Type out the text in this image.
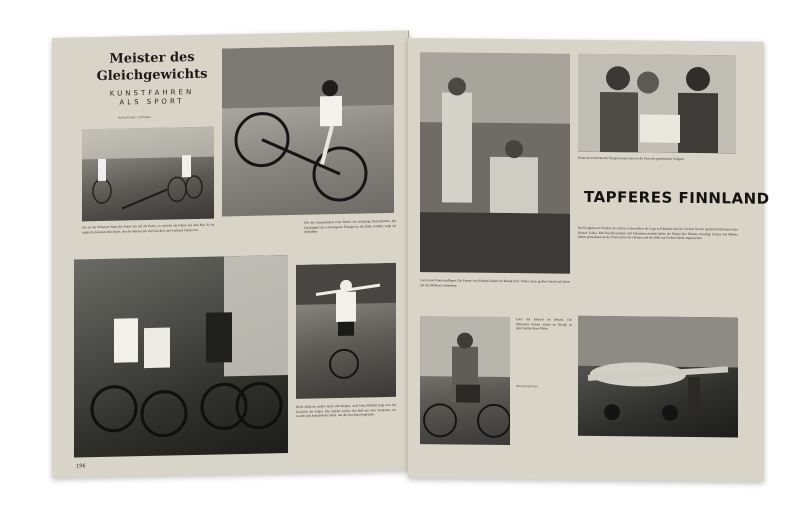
Meister des
Gleichgewichts
KUNSTFAHREN
ALS SPORT
Aufnahmen: Lohmann
Gut ist das Sicherste Wenn die Kunst tritt auf die Kerze, so schwebt der Fahrer auf dem Rad. Es ist zugleich ein kunstvoller Sport, den der Meister mit viel Geschick und Ausdauer beherrscht.
Wie die Gymnastinnen Frau Weber, die vielseitige Kunstfahrerin, mit Leichtigkeit die schwierigsten Übungen in der Halle vorführt, zeigt die Aufnahme.
Nicht allein im steilen Spiel oder Reigen, auch beim Radball zeigt sich das Geschick der Fahrer. Die Spieler treiben den Ball mit dem Vorderrad, ein rasches und kampfreiches Spiel, das die Zuschauer begeistert.
196
Deutsche und finnische Truppen besprechen an der Front die gemeinsame Aufgabe.
TAPFERES FINNLAND
Die Ereignisse im Norden des Ostens, insbesondere die Lage in Finnland, sind ein Zeichen für den tapferen Widerstand eines kleinen Volkes. Mit Entschlossenheit und Einsatzbereitschaft haben die Finnen ihre Heimat verteidigt. Frauen und Männer stehen gemeinsam an der Front und in der Heimat, und der Wille zur Freiheit bleibt ungebrochen.
Lotta beim Frontverpflegen: Die Frauen von Finnland haben im Kampf ihres Volkes einen großen Anteil und halten mit den Männern zusammen.
Lotta mit Fahrrad im Einsatz. Die finnischen Frauen stehen im Kriege an allen Stellen ihren Mann.
PK-Aufnahmen
